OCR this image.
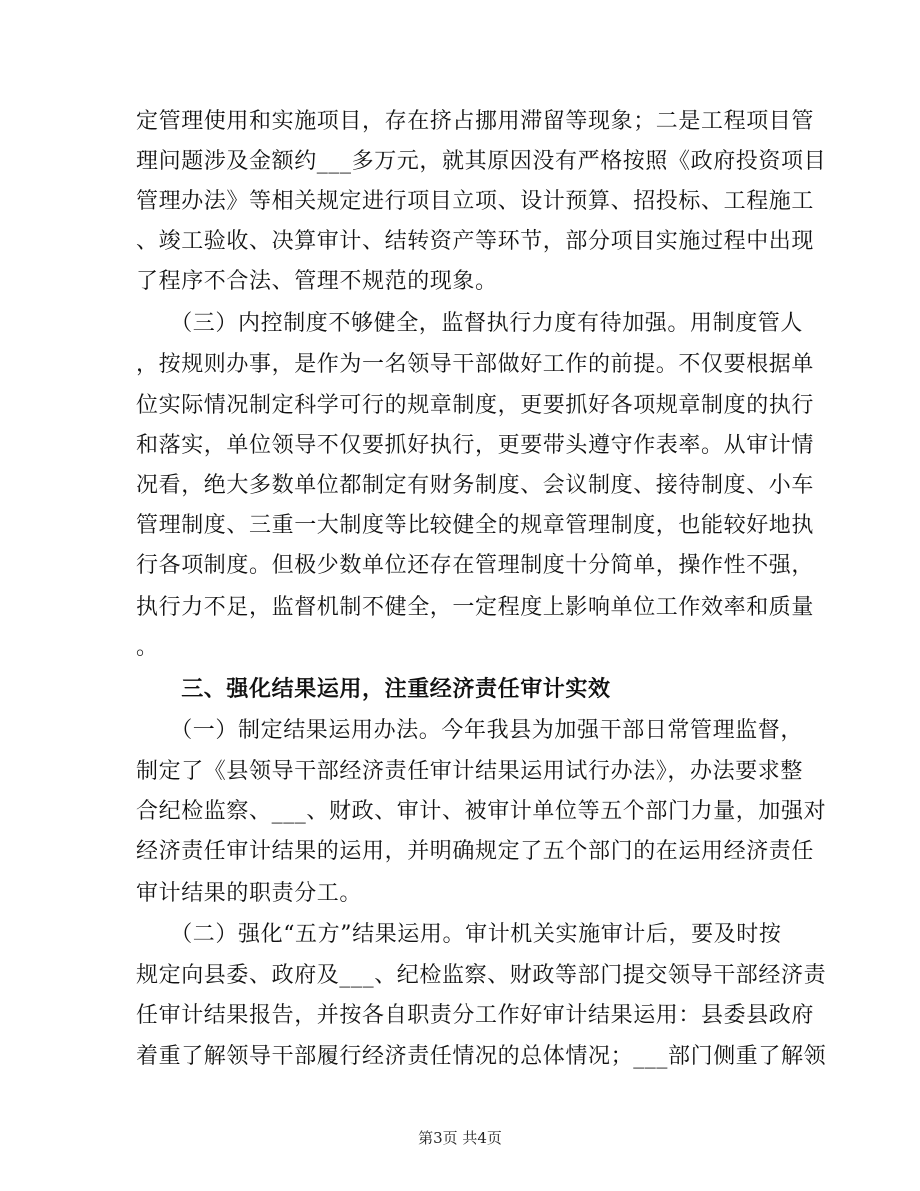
定管理使用和实施项目，存在挤占挪用滞留等现象；二是工程项目管
理问题涉及金额约___多万元，就其原因没有严格按照《政府投资项目
管理办法》等相关规定进行项目立项、设计预算、招投标、工程施工
、竣工验收、决算审计、结转资产等环节，部分项目实施过程中出现
了程序不合法、管理不规范的现象。
　　（三）内控制度不够健全，监督执行力度有待加强。用制度管人
，按规则办事，是作为一名领导干部做好工作的前提。不仅要根据单
位实际情况制定科学可行的规章制度，更要抓好各项规章制度的执行
和落实，单位领导不仅要抓好执行，更要带头遵守作表率。从审计情
况看，绝大多数单位都制定有财务制度、会议制度、接待制度、小车
管理制度、三重一大制度等比较健全的规章管理制度，也能较好地执
行各项制度。但极少数单位还存在管理制度十分简单，操作性不强，
执行力不足，监督机制不健全，一定程度上影响单位工作效率和质量
。
　　三、强化结果运用，注重经济责任审计实效
　　（一）制定结果运用办法。今年我县为加强干部日常管理监督，
制定了《县领导干部经济责任审计结果运用试行办法》，办法要求整
合纪检监察、___、财政、审计、被审计单位等五个部门力量，加强对
经济责任审计结果的运用，并明确规定了五个部门的在运用经济责任
审计结果的职责分工。
　　（二）强化“五方”结果运用。审计机关实施审计后，要及时按
规定向县委、政府及___、纪检监察、财政等部门提交领导干部经济责
任审计结果报告，并按各自职责分工作好审计结果运用：县委县政府
着重了解领导干部履行经济责任情况的总体情况；___部门侧重了解领
第3页 共4页
